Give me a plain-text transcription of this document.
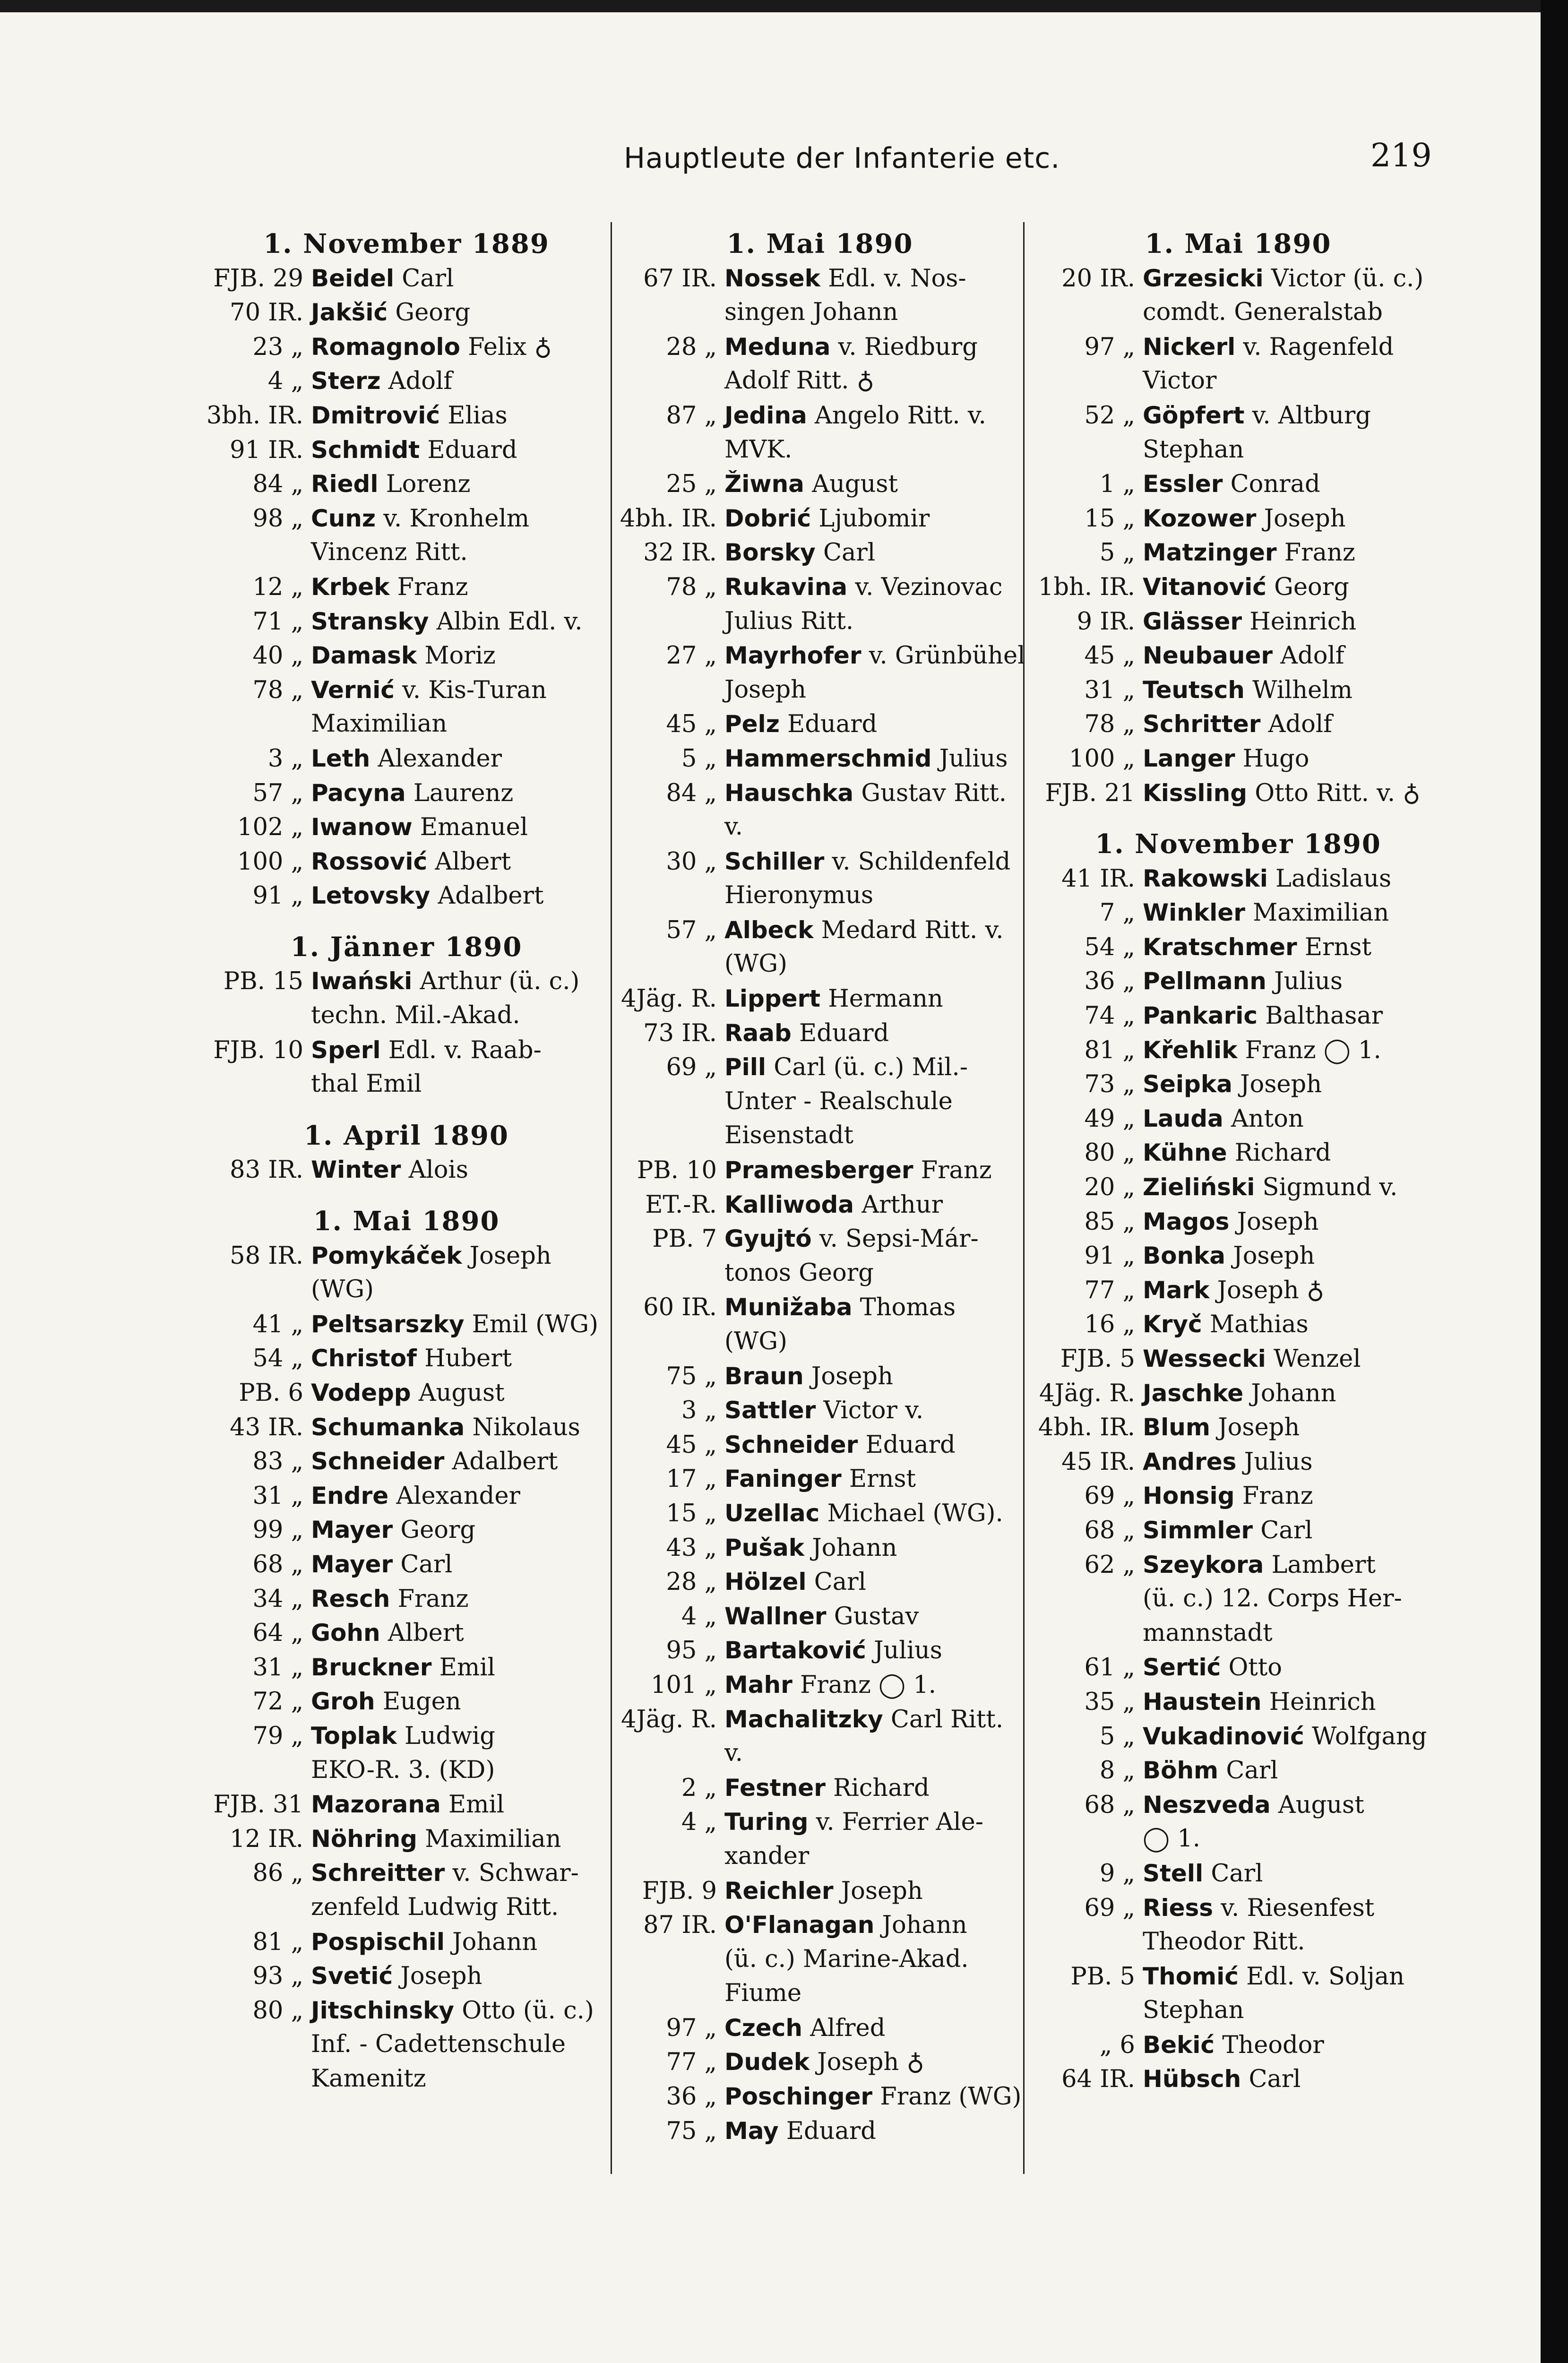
Hauptleute der Infanterie etc.	219
1. November 1889
FJB. 29 Beidel Carl
70 IR. Jakšić Georg
23 „ Romagnolo Felix ♁
4 „ Sterz Adolf
3bh. IR. Dmitrović Elias
91 IR. Schmidt Eduard
84 „ Riedl Lorenz
98 „ Cunz v. Kronhelm
Vincenz Ritt.
12 „ Krbek Franz
71 „ Stransky Albin Edl. v.
40 „ Damask Moriz
78 „ Vernić v. Kis-Turan
Maximilian
3 „ Leth Alexander
57 „ Pacyna Laurenz
102 „ Iwanow Emanuel
100 „ Rossović Albert
91 „ Letovsky Adalbert
1. Jänner 1890
PB. 15 Iwański Arthur (ü. c.)
techn. Mil.-Akad.
FJB. 10 Sperl Edl. v. Raab-
thal Emil
1. April 1890
83 IR. Winter Alois
1. Mai 1890
58 IR. Pomykáček Joseph
(WG)
41 „ Peltsarszky Emil (WG)
54 „ Christof Hubert
PB. 6 Vodepp August
43 IR. Schumanka Nikolaus
83 „ Schneider Adalbert
31 „ Endre Alexander
99 „ Mayer Georg
68 „ Mayer Carl
34 „ Resch Franz
64 „ Gohn Albert
31 „ Bruckner Emil
72 „ Groh Eugen
79 „ Toplak Ludwig
EKO-R. 3. (KD)
FJB. 31 Mazorana Emil
12 IR. Nöhring Maximilian
86 „ Schreitter v. Schwar-
zenfeld Ludwig Ritt.
81 „ Pospischil Johann
93 „ Svetić Joseph
80 „ Jitschinsky Otto (ü. c.)
Inf. - Cadettenschule
Kamenitz
1. Mai 1890
67 IR. Nossek Edl. v. Nos-
singen Johann
28 „ Meduna v. Riedburg
Adolf Ritt. ♁
87 „ Jedina Angelo Ritt. v.
MVK.
25 „ Žiwna August
4bh. IR. Dobrić Ljubomir
32 IR. Borsky Carl
78 „ Rukavina v. Vezinovac
Julius Ritt.
27 „ Mayrhofer v. Grünbühel
Joseph
45 „ Pelz Eduard
5 „ Hammerschmid Julius
84 „ Hauschka Gustav Ritt.
v.
30 „ Schiller v. Schildenfeld
Hieronymus
57 „ Albeck Medard Ritt. v.
(WG)
4Jäg. R. Lippert Hermann
73 IR. Raab Eduard
69 „ Pill Carl (ü. c.) Mil.-
Unter - Realschule
Eisenstadt
PB. 10 Pramesberger Franz
ET.-R. Kalliwoda Arthur
PB. 7 Gyujtó v. Sepsi-Már-
tonos Georg
60 IR. Munižaba Thomas
(WG)
75 „ Braun Joseph
3 „ Sattler Victor v.
45 „ Schneider Eduard
17 „ Faninger Ernst
15 „ Uzellac Michael (WG).
43 „ Pušak Johann
28 „ Hölzel Carl
4 „ Wallner Gustav
95 „ Bartaković Julius
101 „ Mahr Franz ◯ 1.
4Jäg. R. Machalitzky Carl Ritt.
v.
2 „ Festner Richard
4 „ Turing v. Ferrier Ale-
xander
FJB. 9 Reichler Joseph
87 IR. O'Flanagan Johann
(ü. c.) Marine-Akad.
Fiume
97 „ Czech Alfred
77 „ Dudek Joseph ♁
36 „ Poschinger Franz (WG)
75 „ May Eduard
1. Mai 1890
20 IR. Grzesicki Victor (ü. c.)
comdt. Generalstab
97 „ Nickerl v. Ragenfeld
Victor
52 „ Göpfert v. Altburg
Stephan
1 „ Essler Conrad
15 „ Kozower Joseph
5 „ Matzinger Franz
1bh. IR. Vitanović Georg
9 IR. Glässer Heinrich
45 „ Neubauer Adolf
31 „ Teutsch Wilhelm
78 „ Schritter Adolf
100 „ Langer Hugo
FJB. 21 Kissling Otto Ritt. v. ♁
1. November 1890
41 IR. Rakowski Ladislaus
7 „ Winkler Maximilian
54 „ Kratschmer Ernst
36 „ Pellmann Julius
74 „ Pankaric Balthasar
81 „ Křehlik Franz ◯ 1.
73 „ Seipka Joseph
49 „ Lauda Anton
80 „ Kühne Richard
20 „ Zieliński Sigmund v.
85 „ Magos Joseph
91 „ Bonka Joseph
77 „ Mark Joseph ♁
16 „ Kryč Mathias
FJB. 5 Wessecki Wenzel
4Jäg. R. Jaschke Johann
4bh. IR. Blum Joseph
45 IR. Andres Julius
69 „ Honsig Franz
68 „ Simmler Carl
62 „ Szeykora Lambert
(ü. c.) 12. Corps Her-
mannstadt
61 „ Sertić Otto
35 „ Haustein Heinrich
5 „ Vukadinović Wolfgang
8 „ Böhm Carl
68 „ Neszveda August
◯ 1.
9 „ Stell Carl
69 „ Riess v. Riesenfest
Theodor Ritt.
PB. 5 Thomić Edl. v. Soljan
Stephan
„ 6 Bekić Theodor
64 IR. Hübsch Carl
